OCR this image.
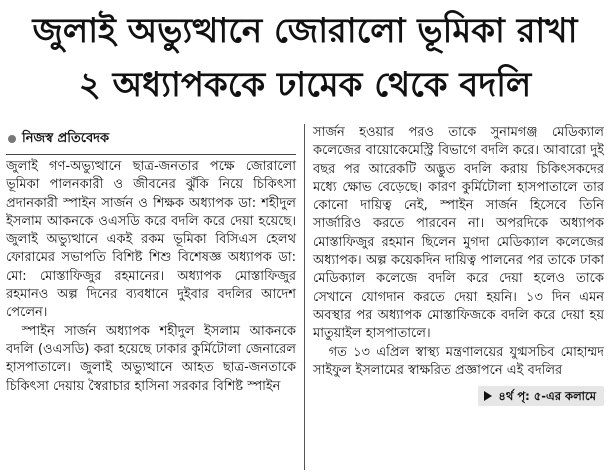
জুলাই অভ্যুত্থানে জোরালো ভূমিকা রাখা
২ অধ্যাপককে ঢামেক থেকে বদলি
নিজস্ব প্রতিবেদক

জুলাই গণ-অভ্যুত্থানে ছাত্র-জনতার পক্ষে জোরালো ভূমিকা পালনকারী ও জীবনের ঝুঁকি নিয়ে চিকিৎসা প্রদানকারী স্পাইন সার্জন ও শিক্ষক অধ্যাপক ডা: শহীদুল ইসলাম আকনকে ওএসডি করে বদলি করে দেয়া হয়েছে। জুলাই অভ্যুত্থানে একই রকম ভূমিকা বিসিএস হেলথ ফোরামের সভাপতি বিশিষ্ট শিশু বিশেষজ্ঞ অধ্যাপক ডা: মো: মোস্তাফিজুর রহমানের। অধ্যাপক মোস্তাফিজুর রহমানও অল্প দিনের ব্যবধানে দুইবার বদলির আদেশ পেলেন।

স্পাইন সার্জন অধ্যাপক শহীদুল ইসলাম আকনকে বদলি (ওএসডি) করা হয়েছে ঢাকার কুর্মিটোলা জেনারেল হাসপাতালে। জুলাই অভ্যুত্থানে আহত ছাত্র-জনতাকে চিকিৎসা দেয়ায় স্বৈরাচার হাসিনা সরকার বিশিষ্ট স্পাইন

সার্জন হওয়ার পরও তাকে সুনামগঞ্জ মেডিক্যাল কলেজের বায়োকেমেস্ট্রি বিভাগে বদলি করে। আবারো দুই বছর পর আরেকটি অদ্ভুত বদলি করায় চিকিৎসকদের মধ্যে ক্ষোভ বেড়েছে। কারণ কুর্মিটোলা হাসপাতালে তার কোনো দায়িত্ব নেই, স্পাইন সার্জন হিসেবে তিনি সার্জারিও করতে পারবেন না। অপরদিকে অধ্যাপক মোস্তাফিজুর রহমান ছিলেন মুগদা মেডিক্যাল কলেজের অধ্যাপক। অল্প কয়েকদিন দায়িত্ব পালনের পর তাকে ঢাকা মেডিক্যাল কলেজে বদলি করে দেয়া হলেও তাকে সেখানে যোগদান করতে দেয়া হয়নি। ১৩ দিন এমন অবস্থার পর অধ্যাপক মোস্তাফিজকে বদলি করে দেয়া হয় মাতুয়াইল হাসপাতালে।

গত ১৩ এপ্রিল স্বাস্থ্য মন্ত্রণালয়ের যুগ্মসচিব মোহাম্মদ সাইফুল ইসলামের স্বাক্ষরিত প্রজ্ঞাপনে এই বদলির

৪র্থ পৃ: ৫-এর কলামে
